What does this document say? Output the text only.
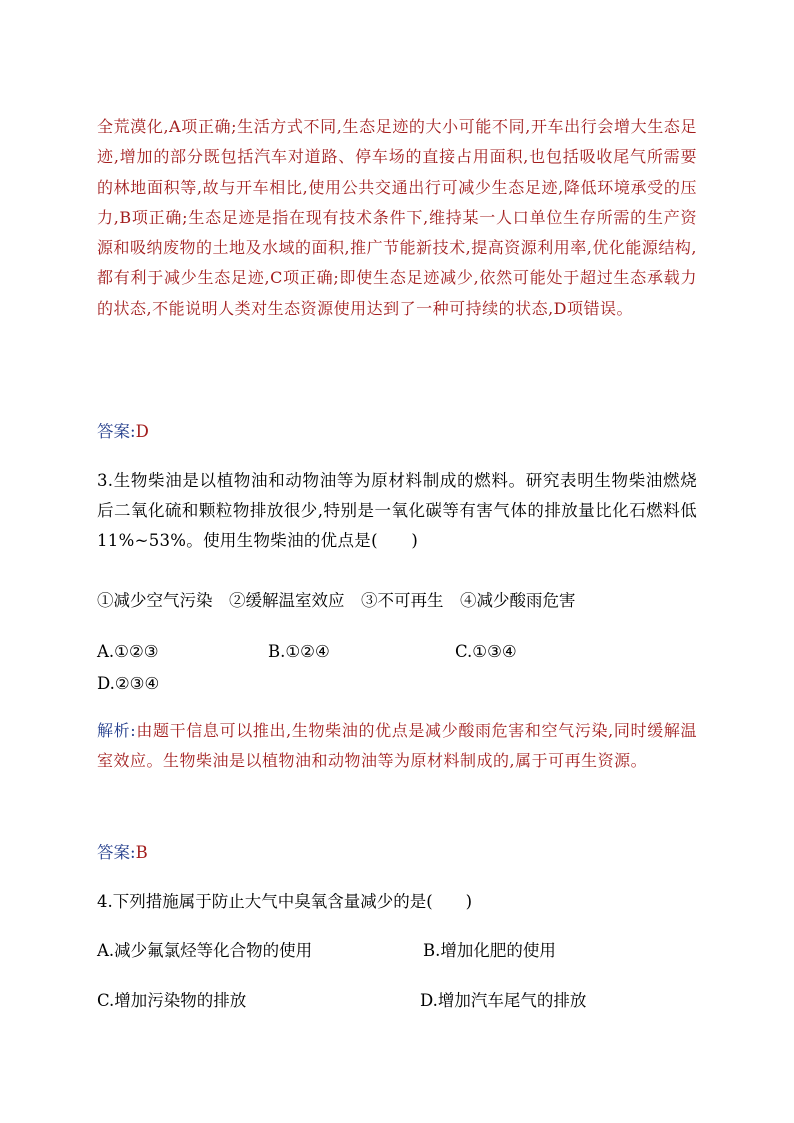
全荒漠化,A项正确;生活方式不同,生态足迹的大小可能不同,开车出行会增大生态足迹,增加的部分既包括汽车对道路、停车场的直接占用面积,也包括吸收尾气所需要的林地面积等,故与开车相比,使用公共交通出行可减少生态足迹,降低环境承受的压力,B项正确;生态足迹是指在现有技术条件下,维持某一人口单位生存所需的生产资源和吸纳废物的土地及水域的面积,推广节能新技术,提高资源利用率,优化能源结构,都有利于减少生态足迹,C项正确;即使生态足迹减少,依然可能处于超过生态承载力的状态,不能说明人类对生态资源使用达到了一种可持续的状态,D项错误。
答案:D
3.生物柴油是以植物油和动物油等为原材料制成的燃料。研究表明生物柴油燃烧后二氧化硫和颗粒物排放很少,特别是一氧化碳等有害气体的排放量比化石燃料低11%~53%。使用生物柴油的优点是(　　)
①减少空气污染　②缓解温室效应　③不可再生　④减少酸雨危害
A.①②③	B.①②④	C.①③④
D.②③④
解析:由题干信息可以推出,生物柴油的优点是减少酸雨危害和空气污染,同时缓解温室效应。生物柴油是以植物油和动物油等为原材料制成的,属于可再生资源。
答案:B
4.下列措施属于防止大气中臭氧含量减少的是(　　)
A.减少氟氯烃等化合物的使用	B.增加化肥的使用
C.增加污染物的排放	D.增加汽车尾气的排放
